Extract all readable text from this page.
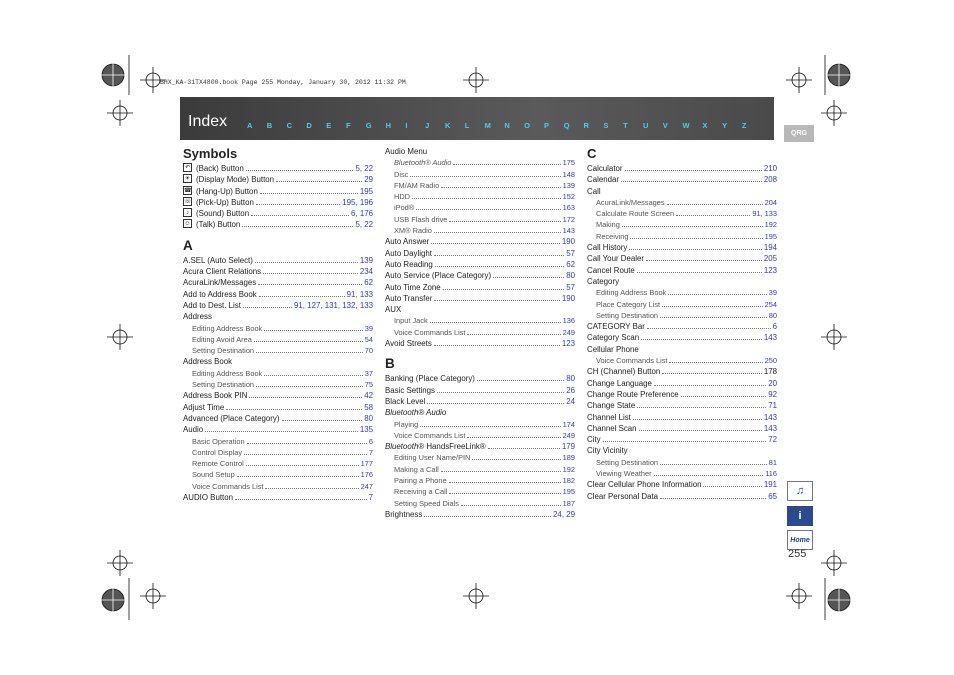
BHX_KA-31TX4800.book Page 255 Monday, January 30, 2012 11:32 PM
Index	A	B	C	D	E	F	G	H	I	J	K	L	M	N	O	P	Q	R	S	T	U	V	W	X	Y	Z
QRG
Symbols
↶ (Back) Button	5, 22
☀ (Display Mode) Button	29
☎ (Hang-Up) Button	195
☏ (Pick-Up) Button	195, 196
♪ (Sound) Button	6, 176
☺ (Talk) Button	5, 22
A
A.SEL (Auto Select)	139
Acura Client Relations	234
AcuraLink/Messages	62
Add to Address Book	91, 133
Add to Dest. List	91, 127, 131, 132, 133
Address
Editing Address Book	39
Editing Avoid Area	54
Setting Destination	70
Address Book
Editing Address Book	37
Setting Destination	75
Address Book PIN	42
Adjust Time	58
Advanced (Place Category)	80
Audio	135
Basic Operation	6
Control Display	7
Remote Control	177
Sound Setup	176
Voice Commands List	247
AUDIO Button	7
Audio Menu
Bluetooth® Audio	175
Disc	148
FM/AM Radio	139
HDD	152
iPod®	163
USB Flash drive	172
XM® Radio	143
Auto Answer	190
Auto Daylight	57
Auto Reading	62
Auto Service (Place Category)	80
Auto Time Zone	57
Auto Transfer	190
AUX
Input Jack	136
Voice Commands List	249
Avoid Streets	123
B
Banking (Place Category)	80
Basic Settings	26
Black Level	24
Bluetooth® Audio
Playing	174
Voice Commands List	249
Bluetooth® HandsFreeLink®	179
Editing User Name/PIN	189
Making a Call	192
Pairing a Phone	182
Receiving a Call	195
Setting Speed Dials	187
Brightness	24, 29
C
Calculator	210
Calendar	208
Call
AcuraLink/Messages	204
Calculate Route Screen	91, 133
Making	192
Receiving	195
Call History	194
Call Your Dealer	205
Cancel Route	123
Category
Editing Address Book	39
Place Category List	254
Setting Destination	80
CATEGORY Bar	6
Category Scan	143
Cellular Phone
Voice Commands List	250
CH (Channel) Button	178
Change Language	20
Change Route Preference	92
Change State	71
Channel List	143
Channel Scan	143
City	72
City Vicinity
Setting Destination	81
Viewing Weather	116
Clear Cellular Phone Information	191
Clear Personal Data	65	♫
i
Home
255
